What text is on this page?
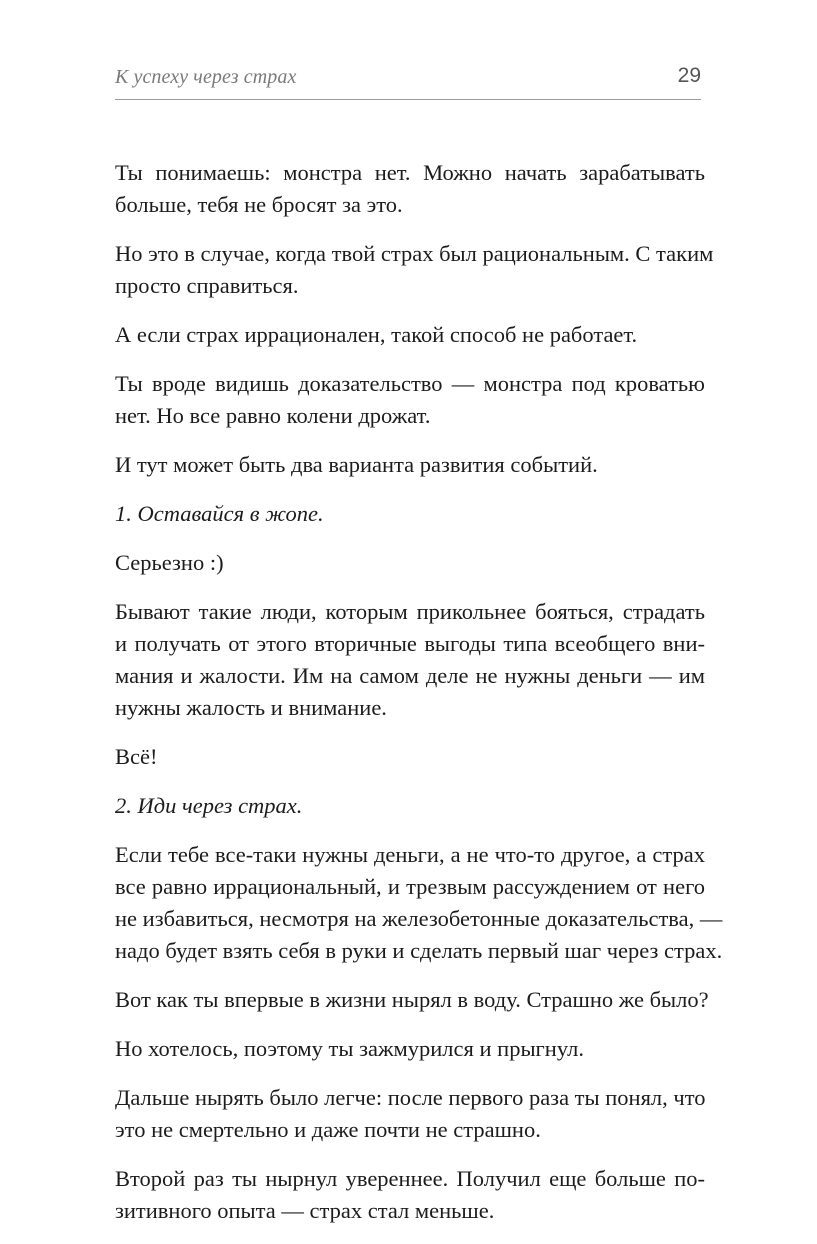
К успеху через страх	29

Ты понимаешь: монстра нет. Можно начать зарабатывать
больше, тебя не бросят за это.

Но это в случае, когда твой страх был рациональным. С таким
просто справиться.

А если страх иррационален, такой способ не работает.

Ты вроде видишь доказательство — монстра под кроватью
нет. Но все равно колени дрожат.

И тут может быть два варианта развития событий.

1. Оставайся в жопе.

Серьезно :)

Бывают такие люди, которым прикольнее бояться, страдать
и получать от этого вторичные выгоды типа всеобщего вни-
мания и жалости. Им на самом деле не нужны деньги — им
нужны жалость и внимание.

Всё!

2. Иди через страх.

Если тебе все-таки нужны деньги, а не что-то другое, а страх
все равно иррациональный, и трезвым рассуждением от него
не избавиться, несмотря на железобетонные доказательства, —
надо будет взять себя в руки и сделать первый шаг через страх.

Вот как ты впервые в жизни нырял в воду. Страшно же было?

Но хотелось, поэтому ты зажмурился и прыгнул.

Дальше нырять было легче: после первого раза ты понял, что
это не смертельно и даже почти не страшно.

Второй раз ты нырнул увереннее. Получил еще больше по-
зитивного опыта — страх стал меньше.
